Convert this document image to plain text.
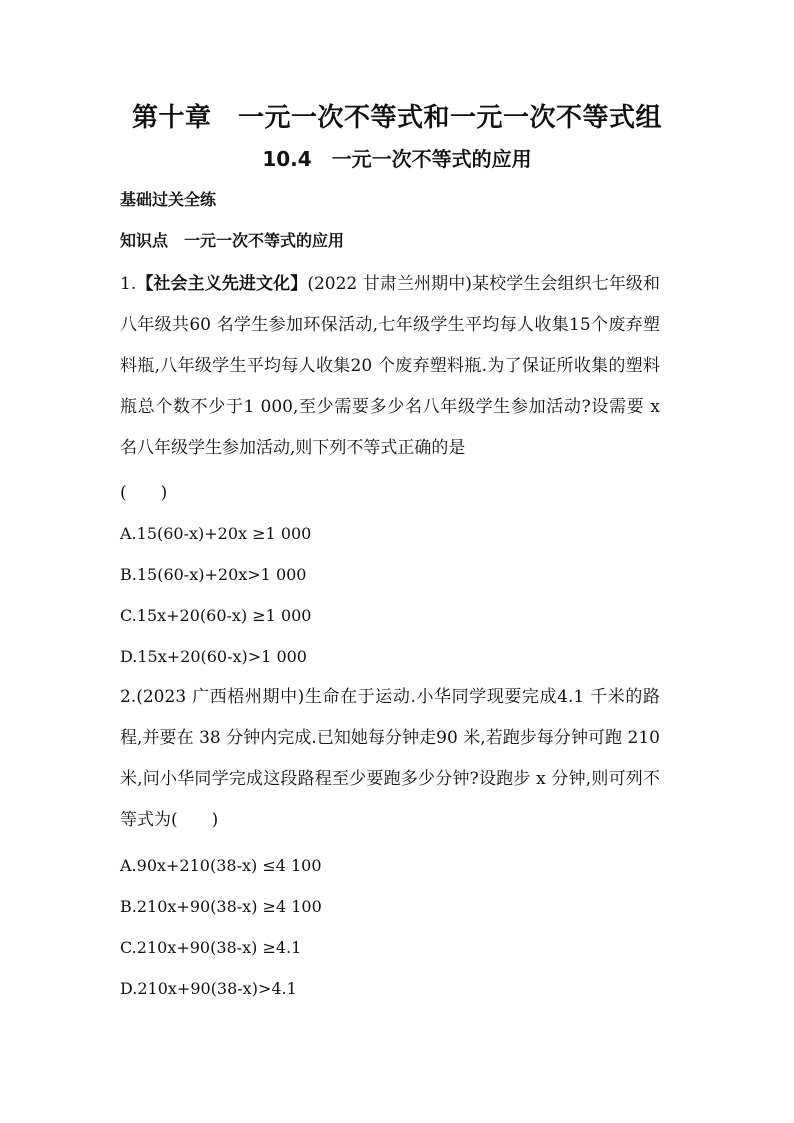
第十章　一元一次不等式和一元一次不等式组
10.4　一元一次不等式的应用
基础过关全练
知识点　一元一次不等式的应用
1.【社会主义先进文化】(2022 甘肃兰州期中)某校学生会组织七年级和八年级共60 名学生参加环保活动,七年级学生平均每人收集15个废弃塑料瓶,八年级学生平均每人收集20 个废弃塑料瓶.为了保证所收集的塑料瓶总个数不少于1 000,至少需要多少名八年级学生参加活动?设需要 x 名八年级学生参加活动,则下列不等式正确的是
(　　)
A.15(60-x)+20x ≥1 000
B.15(60-x)+20x>1 000
C.15x+20(60-x) ≥1 000
D.15x+20(60-x)>1 000
2.(2023 广西梧州期中)生命在于运动.小华同学现要完成4.1 千米的路程,并要在 38 分钟内完成.已知她每分钟走90 米,若跑步每分钟可跑 210 米,问小华同学完成这段路程至少要跑多少分钟?设跑步 x 分钟,则可列不等式为(　　)
A.90x+210(38-x) ≤4 100
B.210x+90(38-x) ≥4 100
C.210x+90(38-x) ≥4.1
D.210x+90(38-x)>4.1
